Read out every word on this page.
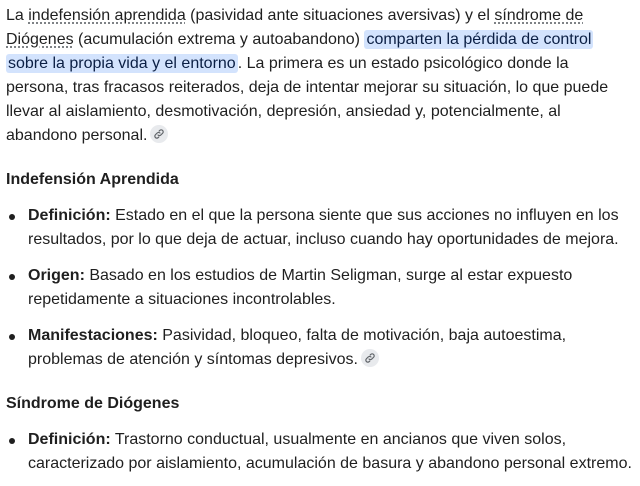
La indefensión aprendida (pasividad ante situaciones aversivas) y el síndrome de Diógenes (acumulación extrema y autoabandono) comparten la pérdida de control sobre la propia vida y el entorno . La primera es un estado psicológico donde la persona, tras fracasos reiterados, deja de intentar mejorar su situación, lo que puede llevar al aislamiento, desmotivación, depresión, ansiedad y, potencialmente, al abandono personal.

Indefensión Aprendida
Definición: Estado en el que la persona siente que sus acciones no influyen en los resultados, por lo que deja de actuar, incluso cuando hay oportunidades de mejora.
Origen: Basado en los estudios de Martin Seligman, surge al estar expuesto repetidamente a situaciones incontrolables.
Manifestaciones: Pasividad, bloqueo, falta de motivación, baja autoestima, problemas de atención y síntomas depresivos.
Síndrome de Diógenes
Definición: Trastorno conductual, usualmente en ancianos que viven solos, caracterizado por aislamiento, acumulación de basura y abandono personal extremo.
